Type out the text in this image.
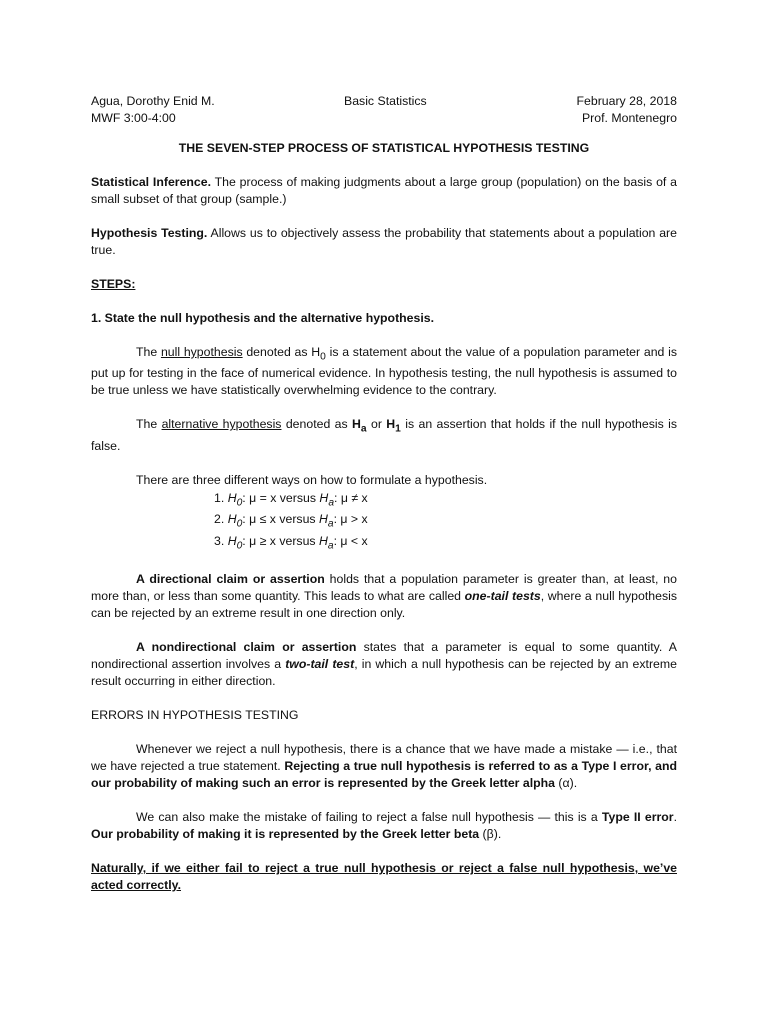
Agua, Dorothy Enid M.
MWF 3:00-4:00
Basic Statistics	February 28, 2018
Prof. Montenegro
THE SEVEN-STEP PROCESS OF STATISTICAL HYPOTHESIS TESTING

Statistical Inference. The process of making judgments about a large group (population) on the basis of a small subset of that group (sample.)

Hypothesis Testing. Allows us to objectively assess the probability that statements about a population are true.

STEPS:

1. State the null hypothesis and the alternative hypothesis.

The null hypothesis denoted as $H_0$ is a statement about the value of a population parameter and is put up for testing in the face of numerical evidence. In hypothesis testing, the null hypothesis is assumed to be true unless we have statistically overwhelming evidence to the contrary.

The alternative hypothesis denoted as $H_a$ or $H_1$ is an assertion that holds if the null hypothesis is false.

There are three different ways on how to formulate a hypothesis.

1. $H_0$: μ = x versus $H_a$: μ ≠ x
2. $H_0$: μ ≤ x versus $H_a$: μ > x
3. $H_0$: μ ≥ x versus $H_a$: μ < x

A directional claim or assertion holds that a population parameter is greater than, at least, no more than, or less than some quantity. This leads to what are called one-tail tests, where a null hypothesis can be rejected by an extreme result in one direction only.

A nondirectional claim or assertion states that a parameter is equal to some quantity. A nondirectional assertion involves a two-tail test, in which a null hypothesis can be rejected by an extreme result occurring in either direction.

ERRORS IN HYPOTHESIS TESTING

Whenever we reject a null hypothesis, there is a chance that we have made a mistake — i.e., that we have rejected a true statement. Rejecting a true null hypothesis is referred to as a Type I error, and our probability of making such an error is represented by the Greek letter alpha (α).

We can also make the mistake of failing to reject a false null hypothesis — this is a Type II error. Our probability of making it is represented by the Greek letter beta (β).

Naturally, if we either fail to reject a true null hypothesis or reject a false null hypothesis, we’ve acted correctly.
